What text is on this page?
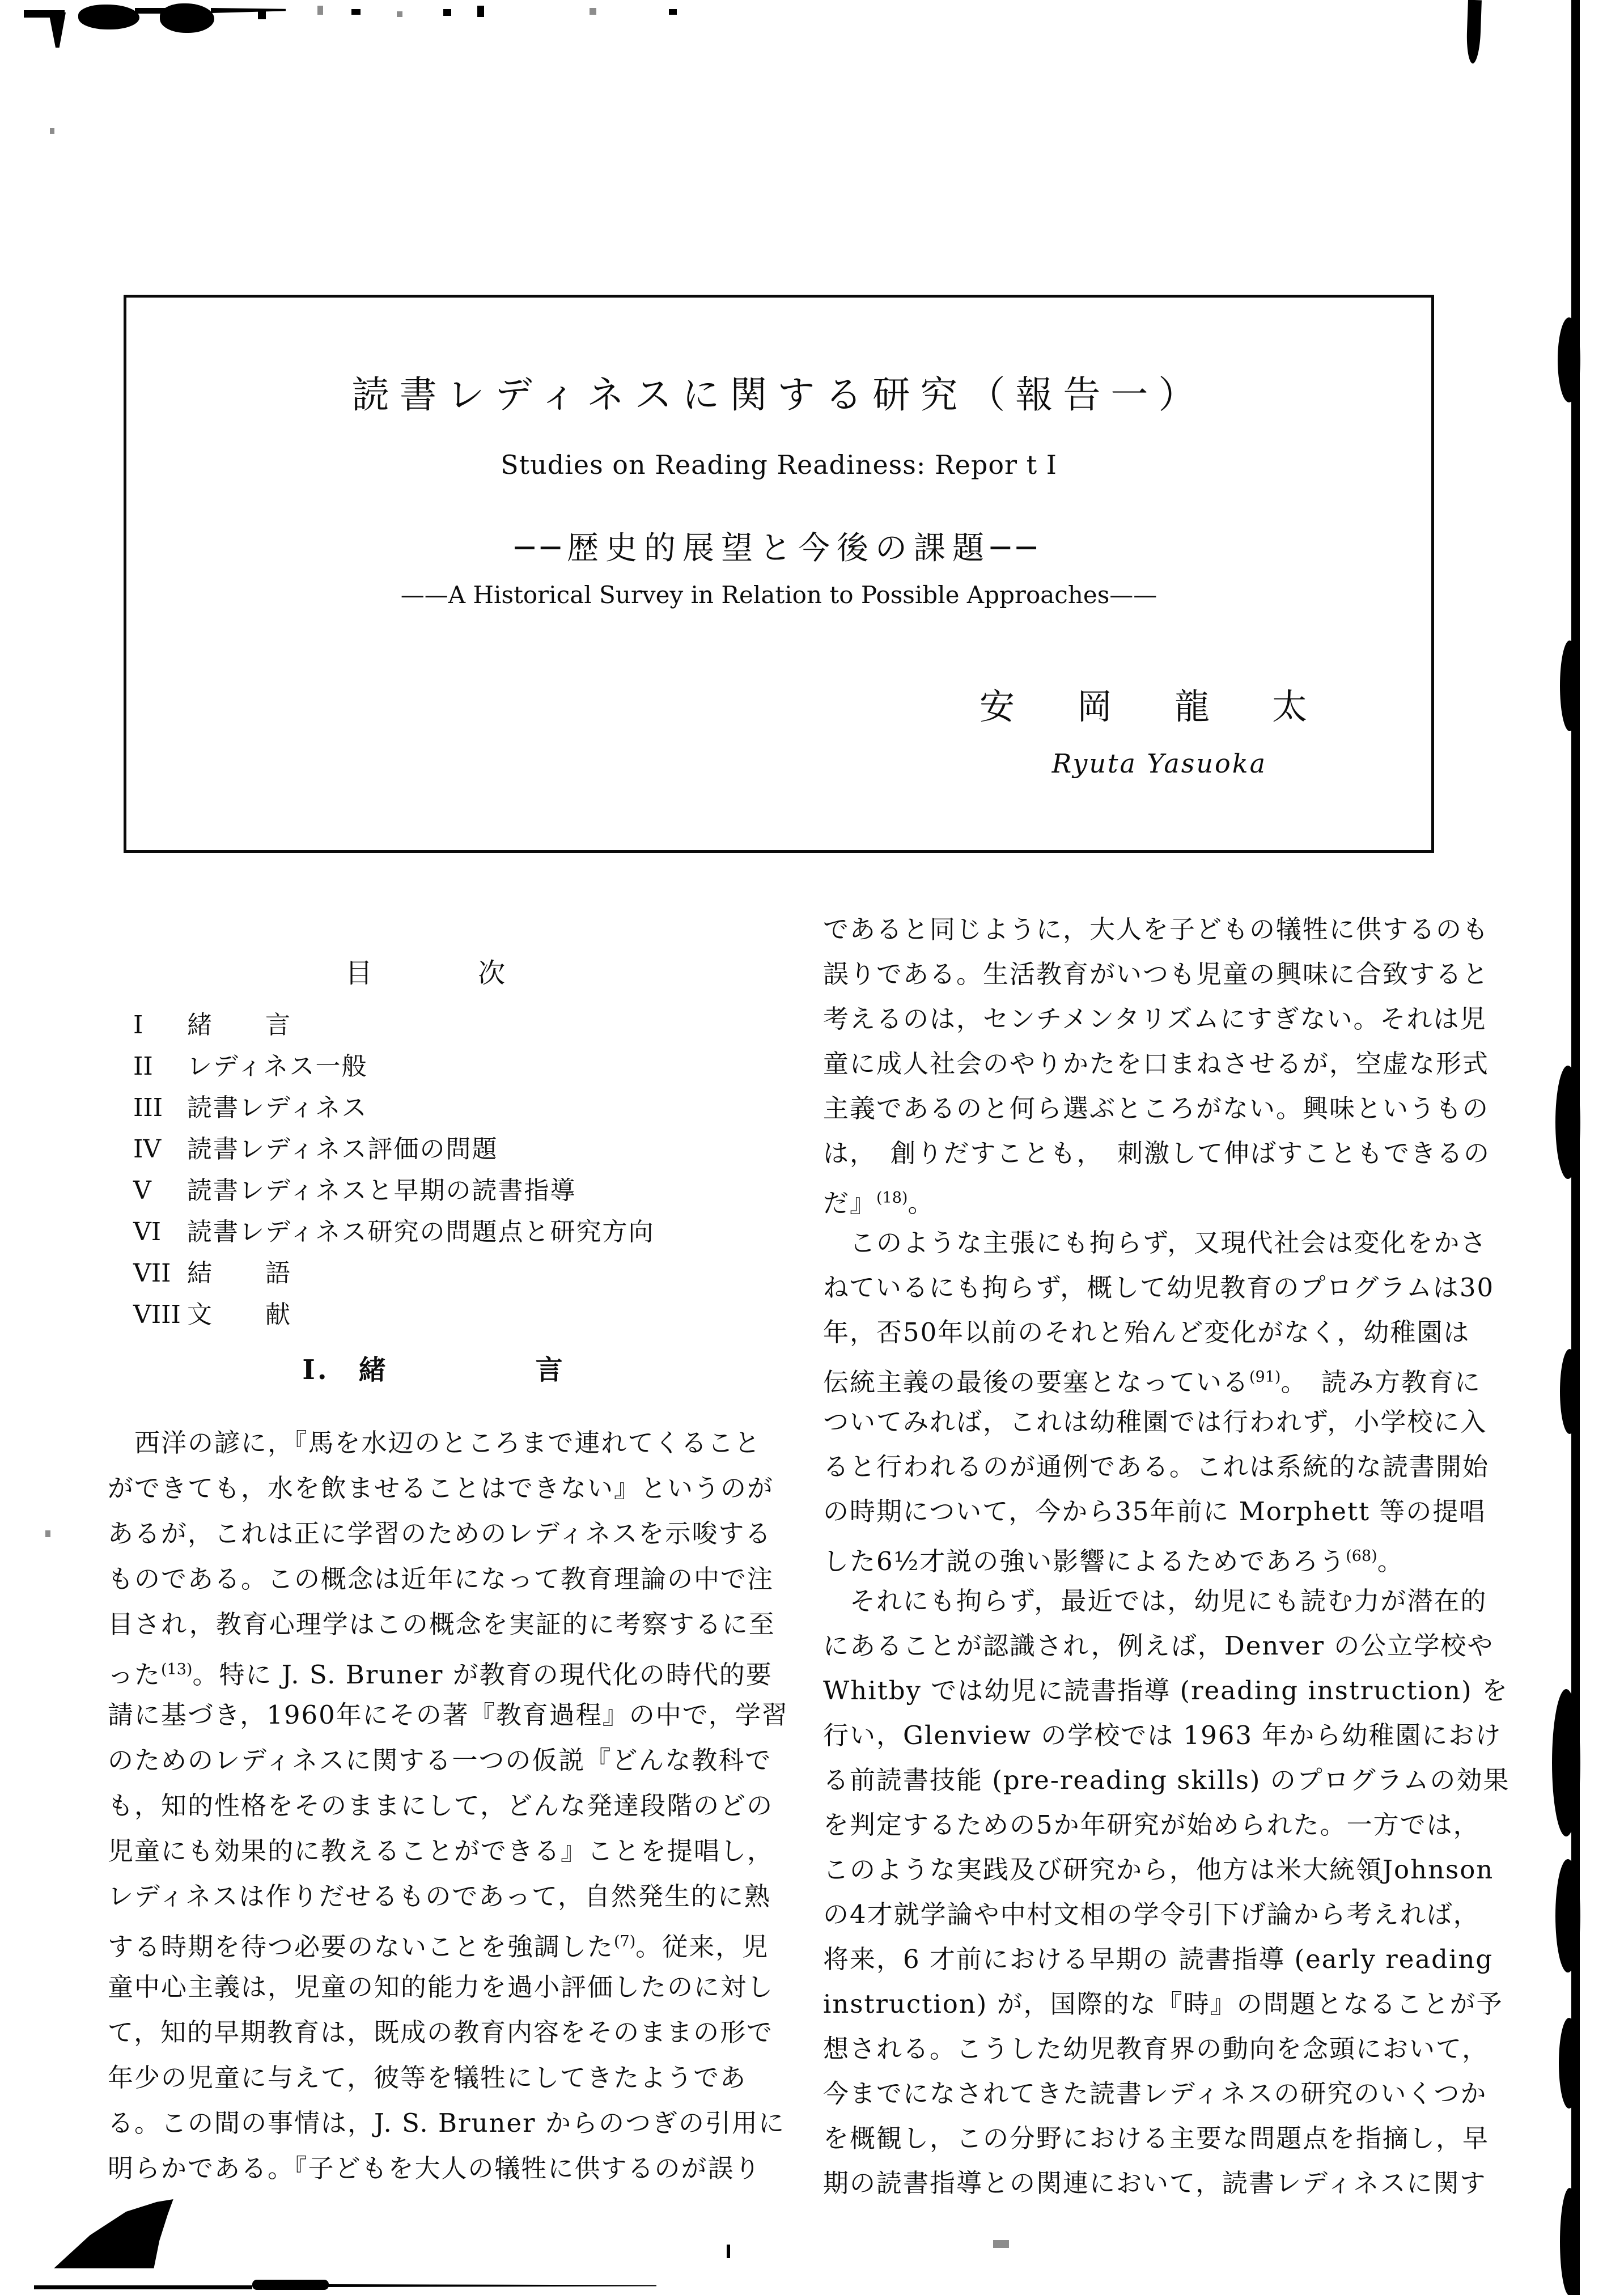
読書レディネスに関する研究（報告一）
Studies on Reading Readiness: Repor t I
──歴史的展望と今後の課題──
——A Historical Survey in Relation to Possible Approaches——
安　岡　龍　太
Ryuta Yasuoka
目　　次
I	緒　　言
II	レディネス一般
III 読書レディネス
IV	読書レディネス評価の問題
V	読書レディネスと早期の読書指導
VI	読書レディネス研究の問題点と研究方向
VII 結　　語
VIII 文　　献
I.　緒　　　　　言
　西洋の諺に，『馬を水辺のところまで連れてくること
ができても，水を飲ませることはできない』というのが
あるが，これは正に学習のためのレディネスを示唆する
ものである。この概念は近年になって教育理論の中で注
目され，教育心理学はこの概念を実証的に考察するに至
った$^{(13)}$。特に J. S. Bruner が教育の現代化の時代的要
請に基づき，1960年にその著『教育過程』の中で，学習
のためのレディネスに関する一つの仮説『どんな教科で
も，知的性格をそのままにして，どんな発達段階のどの
児童にも効果的に教えることができる』ことを提唱し，
レディネスは作りだせるものであって，自然発生的に熟
する時期を待つ必要のないことを強調した$^{(7)}$。従来，児
童中心主義は，児童の知的能力を過小評価したのに対し
て，知的早期教育は，既成の教育内容をそのままの形で
年少の児童に与えて，彼等を犠牲にしてきたようであ
る。この間の事情は，J. S. Bruner からのつぎの引用に
明らかである。『子どもを大人の犠牲に供するのが誤り
であると同じように，大人を子どもの犠牲に供するのも
誤りである。生活教育がいつも児童の興味に合致すると
考えるのは，センチメンタリズムにすぎない。それは児
童に成人社会のやりかたを口まねさせるが，空虚な形式
主義であるのと何ら選ぶところがない。興味というもの
は，　創りだすことも，　刺激して伸ばすこともできるの
だ』$^{(18)}$。
　このような主張にも拘らず，又現代社会は変化をかさ
ねているにも拘らず，概して幼児教育のプログラムは30
年，否50年以前のそれと殆んど変化がなく，幼稚園は
伝統主義の最後の要塞となっている$^{(91)}$。　読み方教育に
ついてみれば，これは幼稚園では行われず，小学校に入
ると行われるのが通例である。これは系統的な読書開始
の時期について，今から35年前に Morphett 等の提唱
した6½才説の強い影響によるためであろう$^{(68)}$。
　それにも拘らず，最近では，幼児にも読む力が潜在的
にあることが認識され，例えば，Denver の公立学校や
Whitby では幼児に読書指導 (reading instruction) を
行い，Glenview の学校では 1963 年から幼稚園におけ
る前読書技能 (pre-reading skills) のプログラムの効果
を判定するための5か年研究が始められた。一方では，
このような実践及び研究から，他方は米大統領Johnson
の4才就学論や中村文相の学令引下げ論から考えれば，
将来，6 才前における早期の 読書指導 (early reading
instruction) が，国際的な『時』の問題となることが予
想される。こうした幼児教育界の動向を念頭において，
今までになされてきた読書レディネスの研究のいくつか
を概観し，この分野における主要な問題点を指摘し，早
期の読書指導との関連において，読書レディネスに関す
